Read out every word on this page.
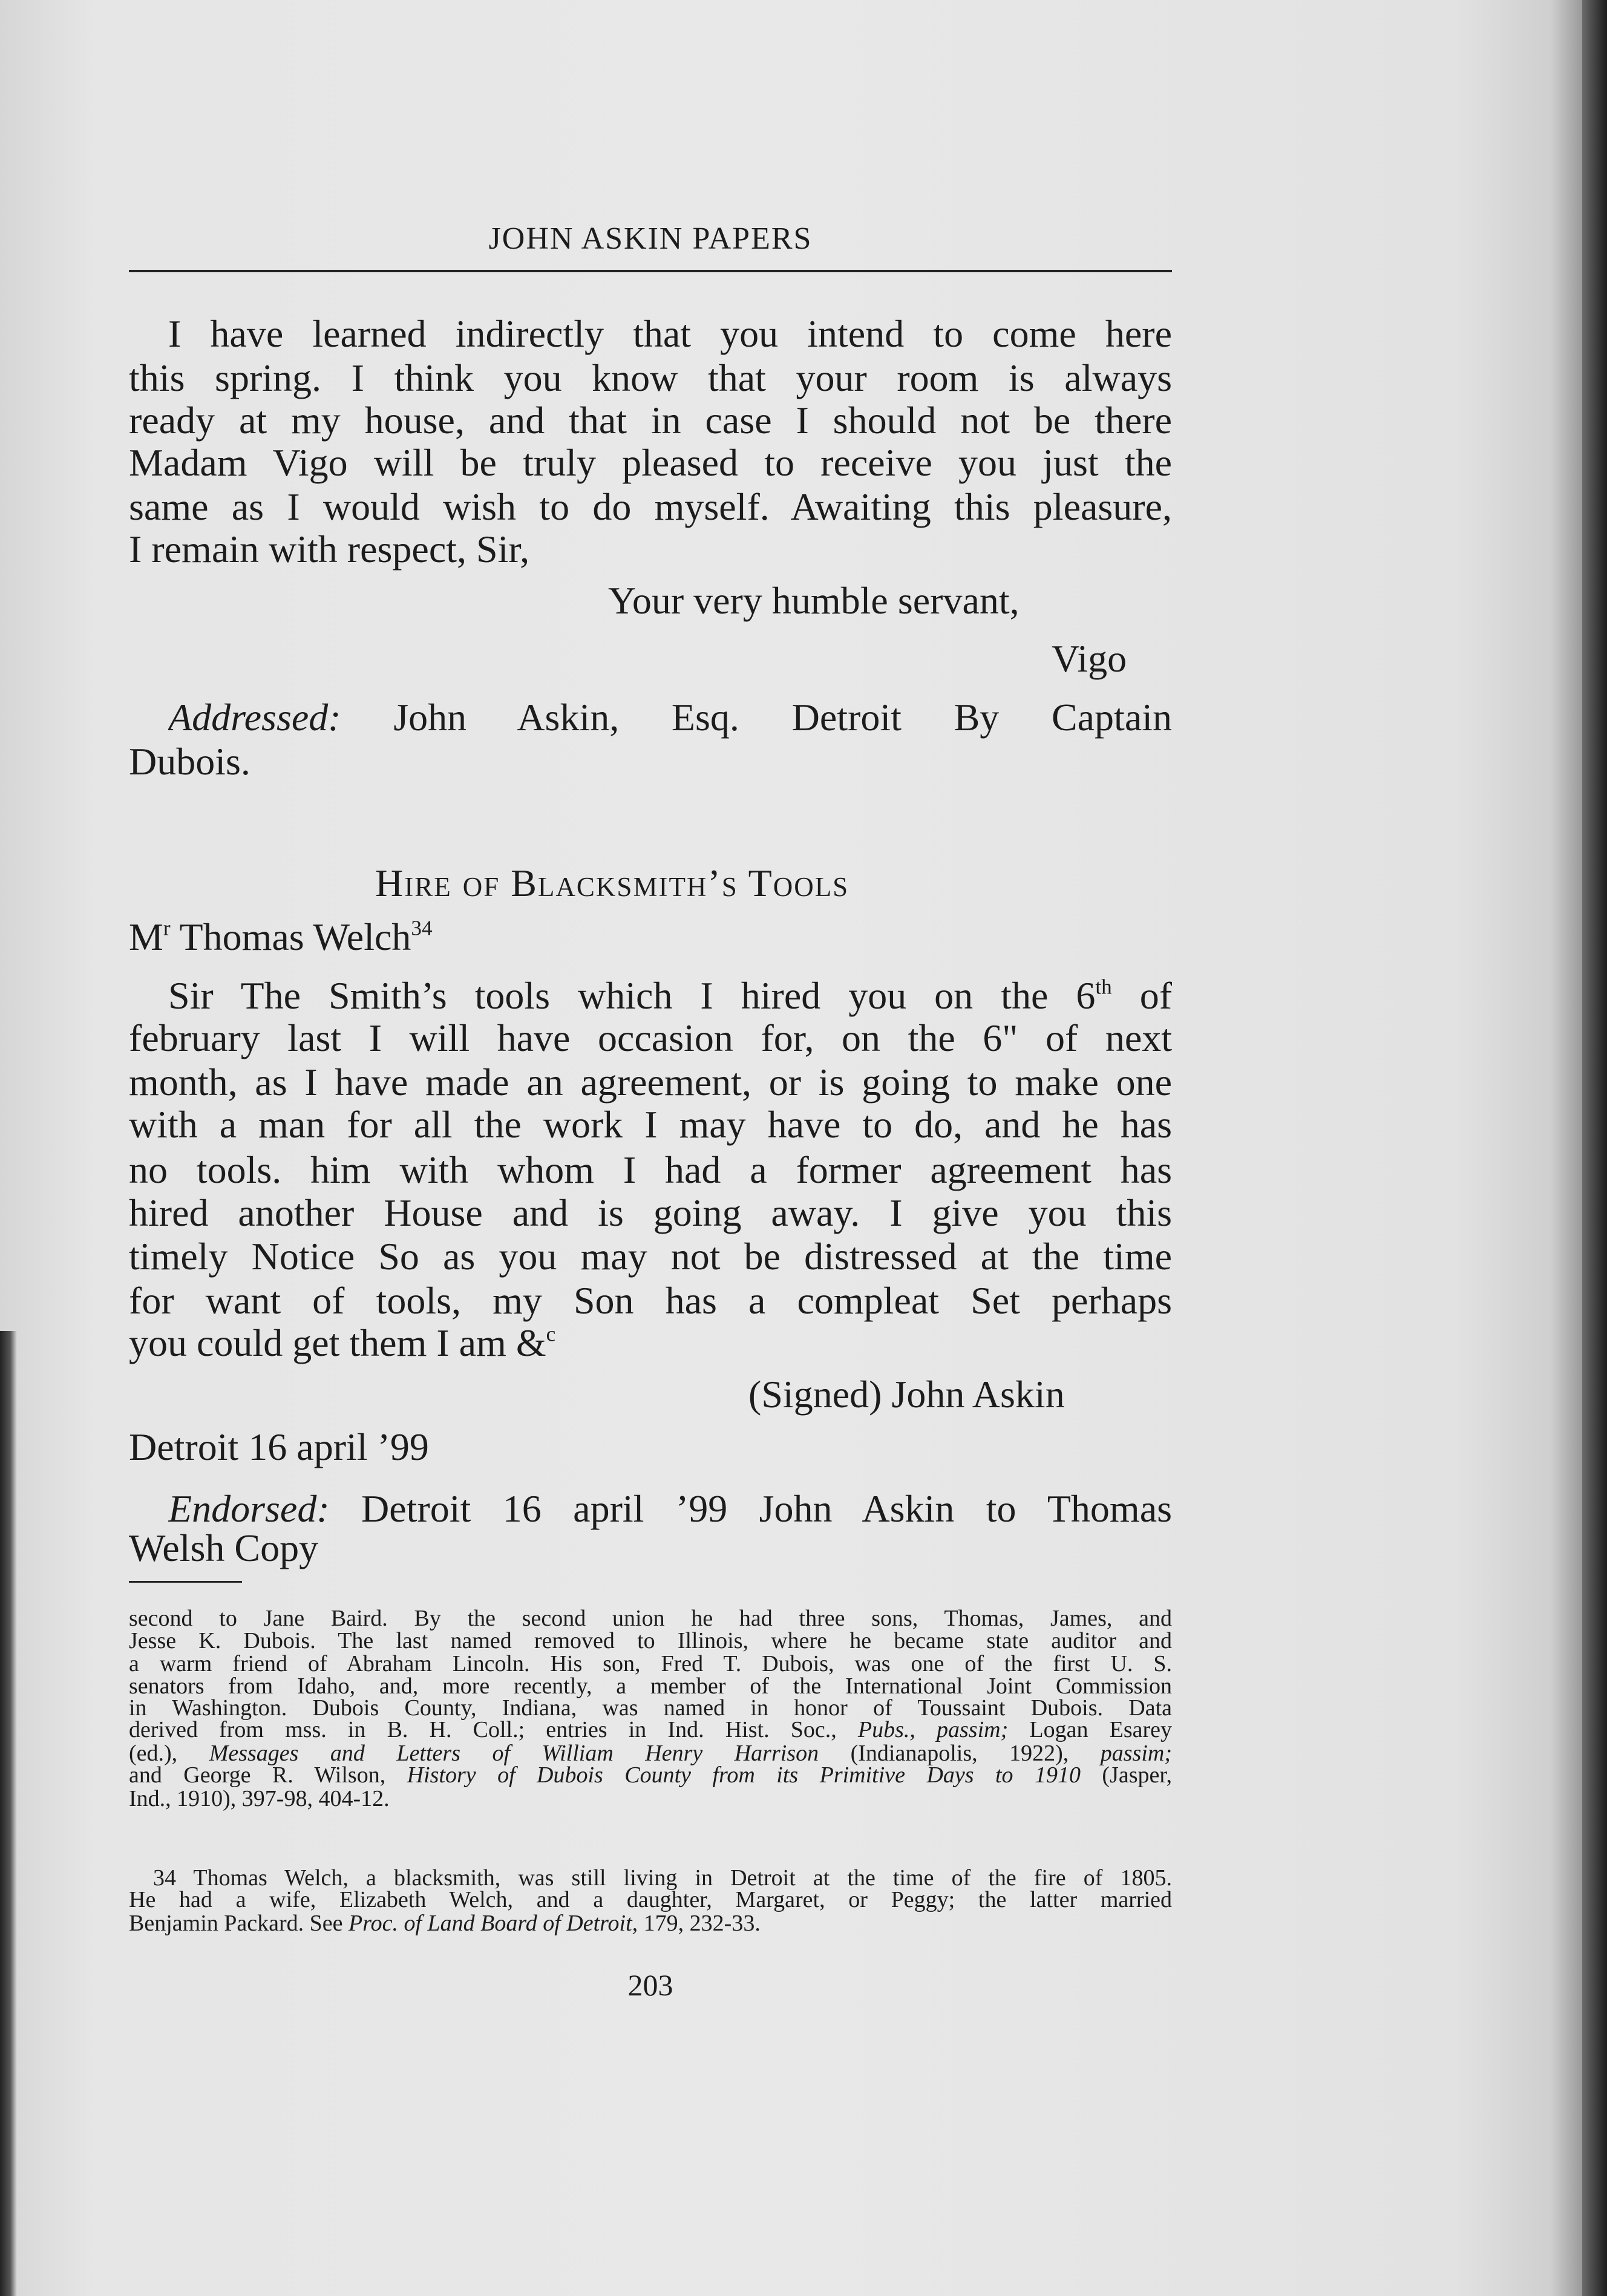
JOHN ASKIN PAPERS
I have learned indirectly that you intend to come here
this spring. I think you know that your room is always
ready at my house, and that in case I should not be there
Madam Vigo will be truly pleased to receive you just the
same as I would wish to do myself. Awaiting this pleasure,
I remain with respect, Sir,
Your very humble servant,
Vigo
Addressed: John Askin, Esq. Detroit By Captain
Dubois.
Hire of Blacksmith’s Tools
$M^r$ Thomas Welch$^{34}$
Sir The Smith’s tools which I hired you on the 6th of
february last I will have occasion for, on the 6" of next
month, as I have made an agreement, or is going to make one
with a man for all the work I may have to do, and he has
no tools. him with whom I had a former agreement has
hired another House and is going away. I give you this
timely Notice So as you may not be distressed at the time
for want of tools, my Son has a compleat Set perhaps
you could get them I am &$^c$
(Signed) John Askin
Detroit 16 april ’99
Endorsed: Detroit 16 april ’99 John Askin to Thomas
Welsh Copy
second to Jane Baird. By the second union he had three sons, Thomas, James, and
Jesse K. Dubois. The last named removed to Illinois, where he became state auditor and
a warm friend of Abraham Lincoln. His son, Fred T. Dubois, was one of the first U. S.
senators from Idaho, and, more recently, a member of the International Joint Commission
in Washington. Dubois County, Indiana, was named in honor of Toussaint Dubois. Data
derived from mss. in B. H. Coll.; entries in Ind. Hist. Soc., Pubs., passim; Logan Esarey
(ed.), Messages and Letters of William Henry Harrison (Indianapolis, 1922), passim;
and George R. Wilson, History of Dubois County from its Primitive Days to 1910 (Jasper,
Ind., 1910), 397-98, 404-12.
34 Thomas Welch, a blacksmith, was still living in Detroit at the time of the fire of 1805.
He had a wife, Elizabeth Welch, and a daughter, Margaret, or Peggy; the latter married
Benjamin Packard. See Proc. of Land Board of Detroit, 179, 232-33.
203
